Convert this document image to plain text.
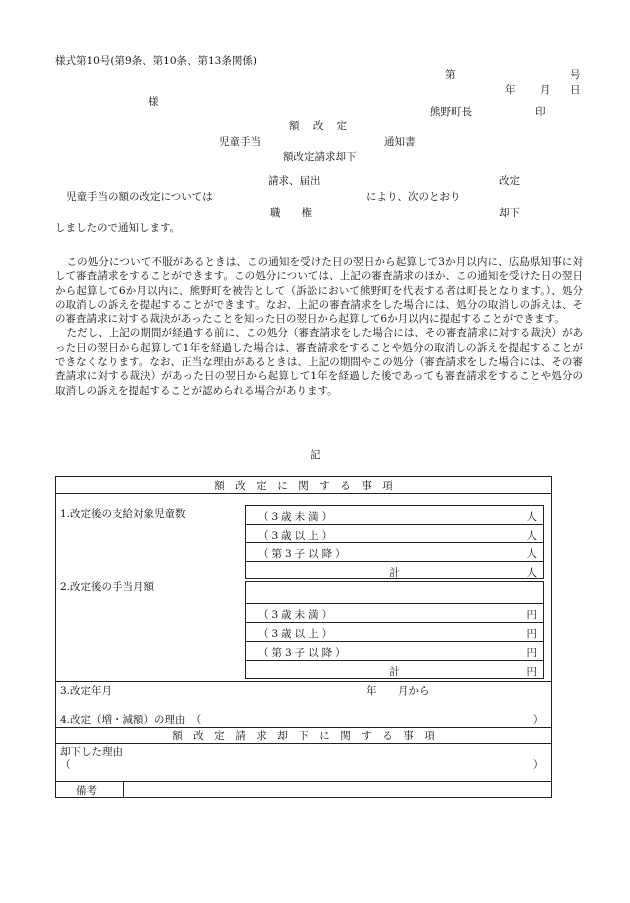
様式第10号(第9条、第10条、第13条関係)
第	号
年 月 日
様
熊野町長	印
額 改 定
児童手当	通知書
額改定請求却下
請求、届出	改定
児童手当の額の改定については	により、次のとおり
職　　権	却下
しましたので通知します。

この処分について不服があるときは、この通知を受けた日の翌日から起算して3か月以内に、広島県知事に対して審査請求をすることができます。この処分については、上記の審査請求のほか、この通知を受けた日の翌日から起算して6か月以内に、熊野町を被告として（訴訟において熊野町を代表する者は町長となります。）、処分の取消しの訴えを提起することができます。なお、上記の審査請求をした場合には、処分の取消しの訴えは、その審査請求に対する裁決があったことを知った日の翌日から起算して6か月以内に提起することができます。

ただし、上記の期間が経過する前に、この処分（審査請求をした場合には、その審査請求に対する裁決）があった日の翌日から起算して1年を経過した場合は、審査請求をすることや処分の取消しの訴えを提起することができなくなります。なお、正当な理由があるときは、上記の期間やこの処分（審査請求をした場合には、その審査請求に対する裁決）があった日の翌日から起算して1年を経過した後であっても審査請求をすることや処分の取消しの訴えを提起することが認められる場合があります。

記
額　改　定　に　関　す　る　事　項
1.改定後の支給対象児童数	（3歳未満）	人
（3歳以上）	人
（第3子以降）	人
計	人
2.改定後の手当月額
（3歳未満）	円
（3歳以上）	円
（第3子以降）	円
計	円
3.改定年月	年 月から
4.改定（増・減額）の理由　（	）
額　改　定　請　求　却　下　に　関　す　る　事　項
却下した理由
（	）
備考
